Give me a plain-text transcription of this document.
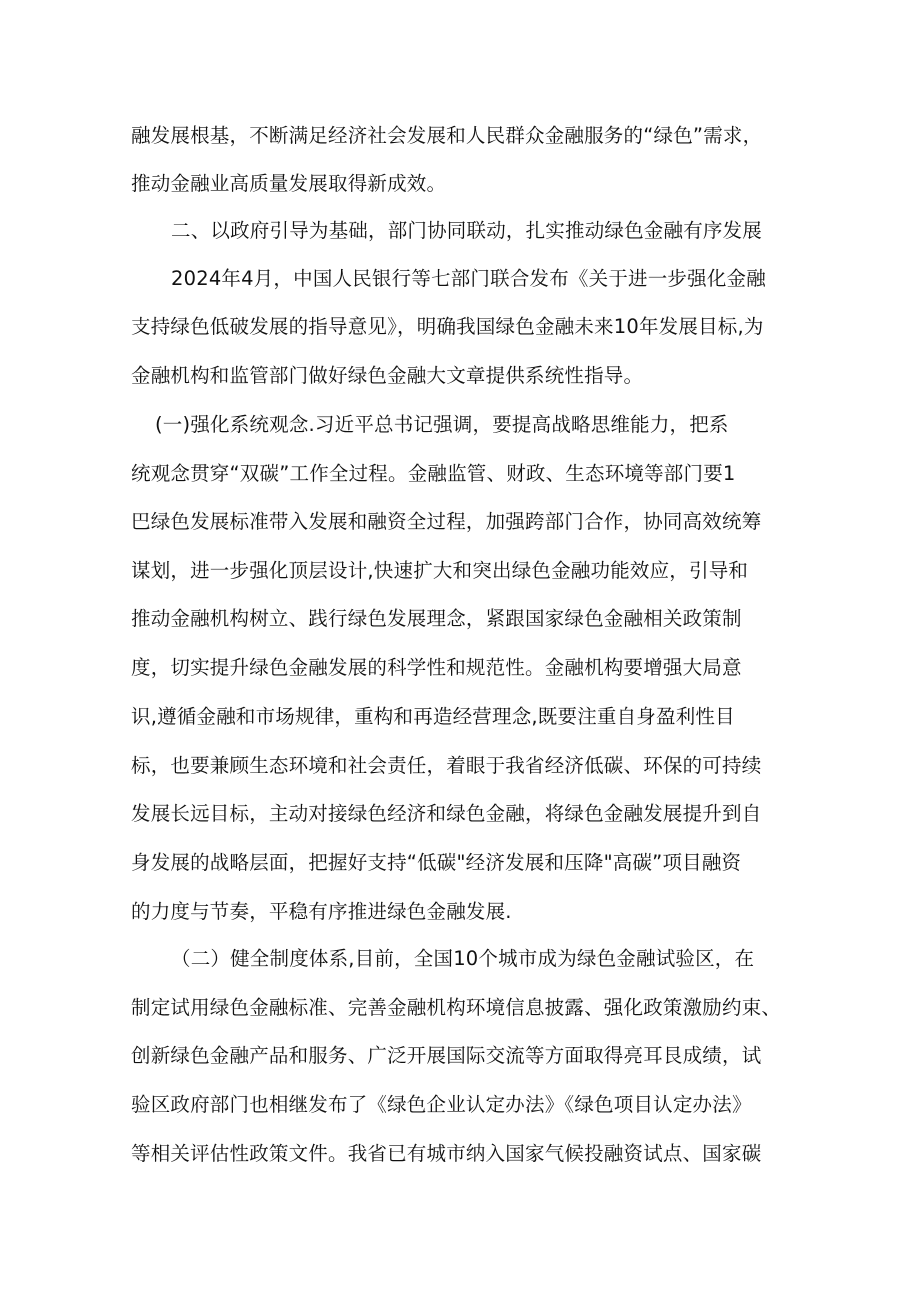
融发展根基，不断满足经济社会发展和人民群众金融服务的“绿色”需求，
推动金融业高质量发展取得新成效。
二、以政府引导为基础，部门协同联动，扎实推动绿色金融有序发展
2024年4月，中国人民银行等七部门联合发布《关于进一步强化金融
支持绿色低破发展的指导意见》，明确我国绿色金融未来10年发展目标,为
金融机构和监管部门做好绿色金融大文章提供系统性指导。
(一)强化系统观念.习近平总书记强调，要提高战略思维能力，把系
统观念贯穿“双碳”工作全过程。金融监管、财政、生态环境等部门要1
巴绿色发展标准带入发展和融资全过程，加强跨部门合作，协同高效统筹
谋划，进一步强化顶层设计,快速扩大和突出绿色金融功能效应，引导和
推动金融机构树立、践行绿色发展理念，紧跟国家绿色金融相关政策制
度，切实提升绿色金融发展的科学性和规范性。金融机构要增强大局意
识,遵循金融和市场规律，重构和再造经营理念,既要注重自身盈利性目
标，也要兼顾生态环境和社会责任，着眼于我省经济低碳、环保的可持续
发展长远目标，主动对接绿色经济和绿色金融，将绿色金融发展提升到自
身发展的战略层面，把握好支持“低碳"经济发展和压降"高碳”项目融资
的力度与节奏，平稳有序推进绿色金融发展.
（二）健全制度体系,目前，全国10个城市成为绿色金融试验区，在
制定试用绿色金融标准、完善金融机构环境信息披露、强化政策激励约束、
创新绿色金融产品和服务、广泛开展国际交流等方面取得亮耳艮成绩，试
验区政府部门也相继发布了《绿色企业认定办法》《绿色项目认定办法》
等相关评估性政策文件。我省已有城市纳入国家气候投融资试点、国家碳
